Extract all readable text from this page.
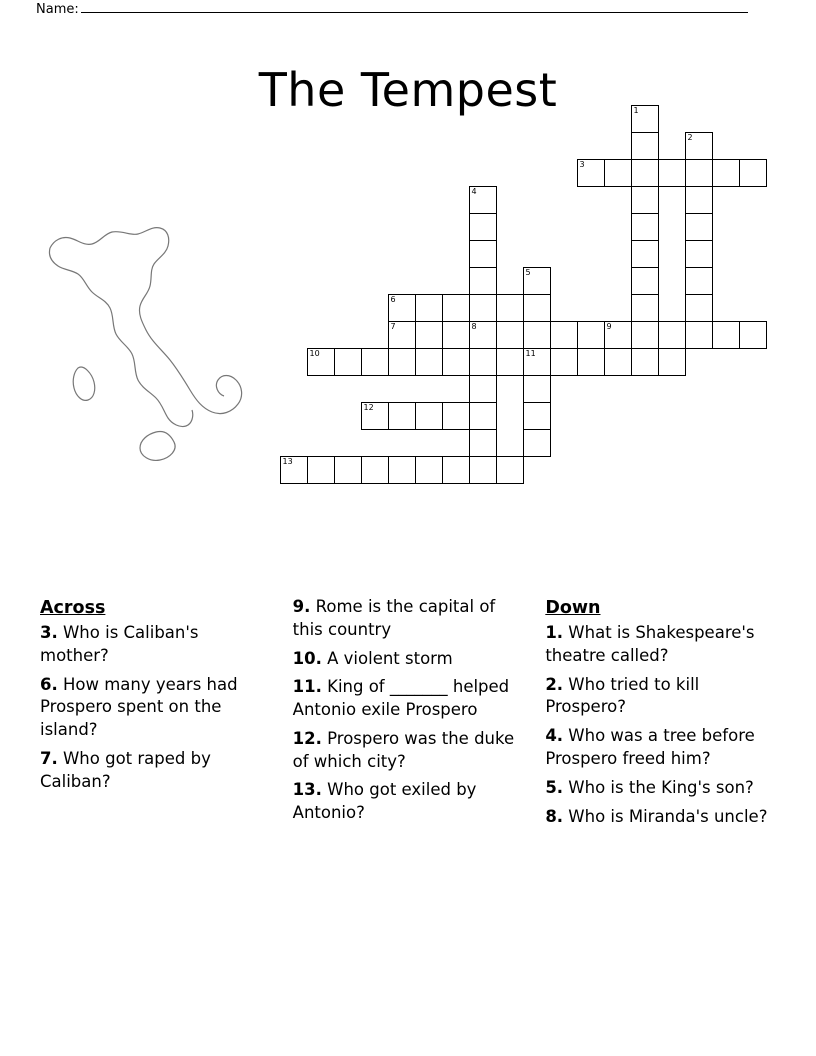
Name:
The Tempest	1
2
3
4
5
6
7	8	9
10	11
12
13
Across

3. Who is Caliban's mother?

6. How many years had Prospero spent on the island?

7. Who got raped by Caliban?

9. Rome is the capital of this country

10. A violent storm

11. King of _______ helped Antonio exile Prospero

12. Prospero was the duke of which city?

13. Who got exiled by Antonio?

Down

1. What is Shakespeare's theatre called?

2. Who tried to kill Prospero?

4. Who was a tree before Prospero freed him?

5. Who is the King's son?

8. Who is Miranda's uncle?
